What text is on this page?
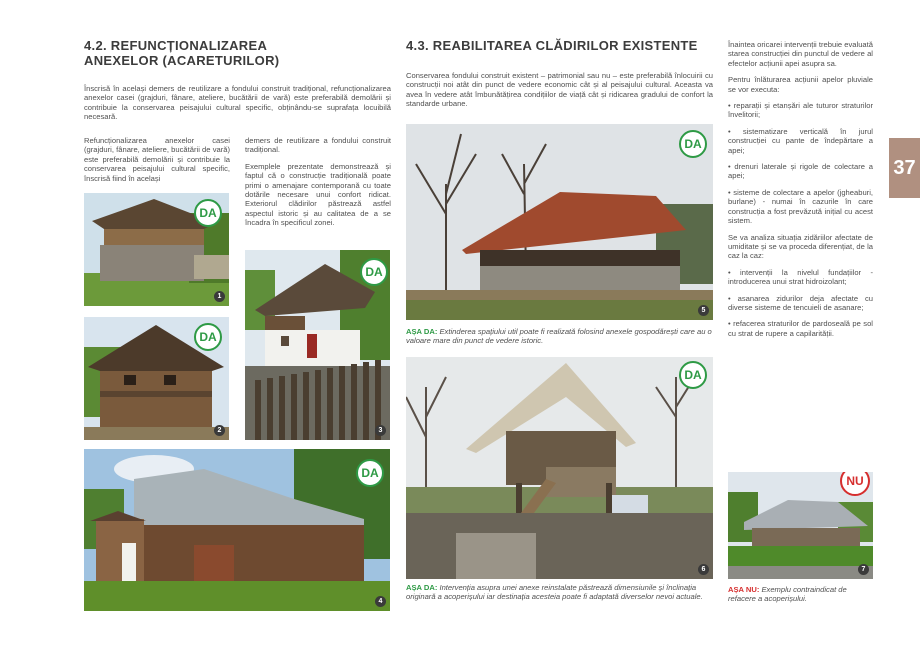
4.2. REFUNCȚIONALIZAREA ANEXELOR (ACARETURILOR)
Înscrisă în același demers de reutilizare a fondului construit tradițional, refuncționalizarea anexelor casei (grajduri, fânare, ateliere, bucătării de vară) este preferabilă demolării și contribuie la conservarea peisajului cultural specific, obținându-se suprafața locuibilă necesară.
Refuncționalizarea anexelor casei (grajduri, fânare, ateliere, bucătării de vară) este preferabilă demolării și contribuie la conservarea peisajului cultural specific, înscrisă fiind în același

demers de reutilizare a fondului construit tradițional.

Exemplele prezentate demonstrează și faptul că o construcție tradițională poate primi o amenajare contemporană cu toate dotările necesare unui confort ridicat. Exteriorul clădirilor păstrează astfel aspectul istoric și au calitatea de a se încadra în specificul zonei.

DA
1
DA
2
DA
3
DA
4
4.3. REABILITAREA CLĂDIRILOR EXISTENTE
Conservarea fondului construit existent – patrimonial sau nu – este preferabilă înlocuirii cu construcții noi atât din punct de vedere economic cât și al peisajului cultural. Aceasta va avea în vedere atât îmbunătățirea condițiilor de viață cât și ridicarea gradului de confort la standarde urbane.
DA
5
AȘA DA: Extinderea spațiului util poate fi realizată folosind anexele gospodărești care au o valoare mare din punct de vedere istoric.
DA
6
AȘA DA: Intervenția asupra unei anexe reinstalate păstrează dimensiunile și înclinația originară a acoperișului iar destinația acesteia poate fi adaptată diverselor nevoi actuale.

Înaintea oricarei intervenții trebuie evaluată starea construcției din punctul de vedere al efectelor acțiunii apei asupra sa.

Pentru înlăturarea acțiunii apelor pluviale se vor executa:

• reparații și etanșări ale tuturor straturilor învelitorii;

• sistematizare verticală în jurul construcției cu pante de îndepărtare a apei;

• drenuri laterale și rigole de colectare a apei;

• sisteme de colectare a apelor (jgheaburi, burlane) - numai în cazurile în care construcția a fost prevăzută inițial cu acest sistem.

Se va analiza situația zidăriilor afectate de umiditate și se va proceda diferențiat, de la caz la caz:

• intervenții la nivelul fundațiilor - introducerea unui strat hidroizolant;

• asanarea zidurilor deja afectate cu diverse sisteme de tencuieli de asanare;

• refacerea straturilor de pardoseală pe sol cu strat de rupere a capilarității.

NU
7
AȘA NU: Exemplu contraindicat de refacere a acoperișului.
37
